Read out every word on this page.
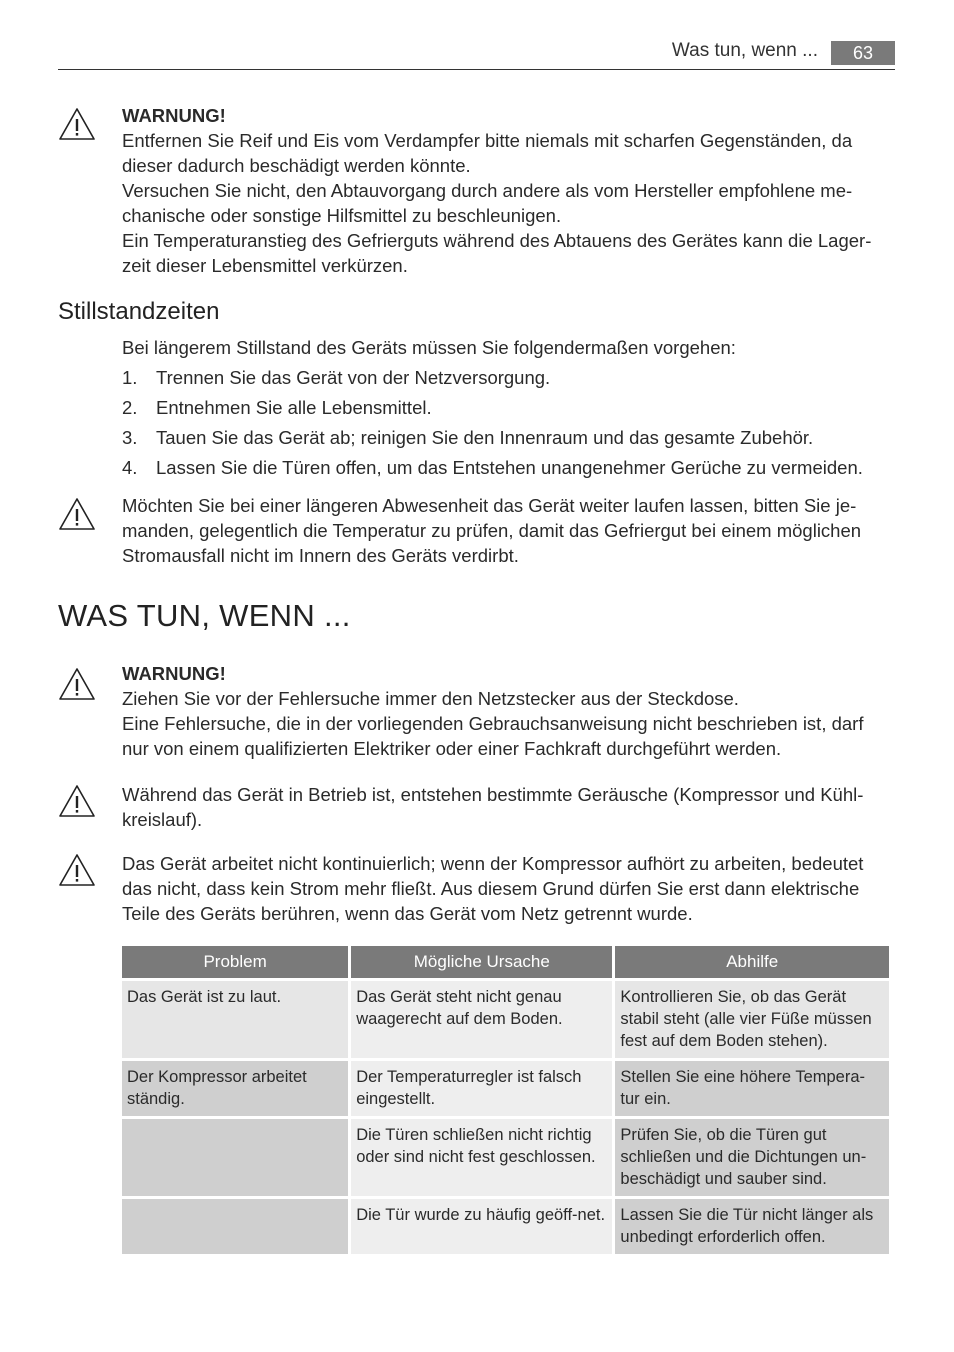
Was tun, wenn ...	63
WARNUNG!
Entfernen Sie Reif und Eis vom Verdampfer bitte niemals mit scharfen Gegenständen, da
dieser dadurch beschädigt werden könnte.
Versuchen Sie nicht, den Abtauvorgang durch andere als vom Hersteller empfohlene me-
chanische oder sonstige Hilfsmittel zu beschleunigen.
Ein Temperaturanstieg des Gefrierguts während des Abtauens des Gerätes kann die Lager-
zeit dieser Lebensmittel verkürzen.
Stillstandzeiten
Bei längerem Stillstand des Geräts müssen Sie folgendermaßen vorgehen:
1. Trennen Sie das Gerät von der Netzversorgung.
2. Entnehmen Sie alle Lebensmittel.
3. Tauen Sie das Gerät ab; reinigen Sie den Innenraum und das gesamte Zubehör.
4. Lassen Sie die Türen offen, um das Entstehen unangenehmer Gerüche zu vermeiden.
Möchten Sie bei einer längeren Abwesenheit das Gerät weiter laufen lassen, bitten Sie je-
manden, gelegentlich die Temperatur zu prüfen, damit das Gefriergut bei einem möglichen
Stromausfall nicht im Innern des Geräts verdirbt.
WAS TUN, WENN ...
WARNUNG!
Ziehen Sie vor der Fehlersuche immer den Netzstecker aus der Steckdose.
Eine Fehlersuche, die in der vorliegenden Gebrauchsanweisung nicht beschrieben ist, darf
nur von einem qualifizierten Elektriker oder einer Fachkraft durchgeführt werden.
Während das Gerät in Betrieb ist, entstehen bestimmte Geräusche (Kompressor und Kühl-
kreislauf).
Das Gerät arbeitet nicht kontinuierlich; wenn der Kompressor aufhört zu arbeiten, bedeutet
das nicht, dass kein Strom mehr fließt. Aus diesem Grund dürfen Sie erst dann elektrische
Teile des Geräts berühren, wenn das Gerät vom Netz getrennt wurde.
Problem	Mögliche Ursache	Abhilfe
Das Gerät ist zu laut.	Das Gerät steht nicht genau waagerecht auf dem Boden.	Kontrollieren Sie, ob das Gerät stabil steht (alle vier Füße müssen fest auf dem Boden stehen).
Der Kompressor arbeitet ständig.	Der Temperaturregler ist falsch eingestellt.	Stellen Sie eine höhere Tempera-tur ein.
	Die Türen schließen nicht richtig oder sind nicht fest geschlossen.	Prüfen Sie, ob die Türen gut schließen und die Dichtungen un-beschädigt und sauber sind.
	Die Tür wurde zu häufig geöff-net.	Lassen Sie die Tür nicht länger als unbedingt erforderlich offen.
